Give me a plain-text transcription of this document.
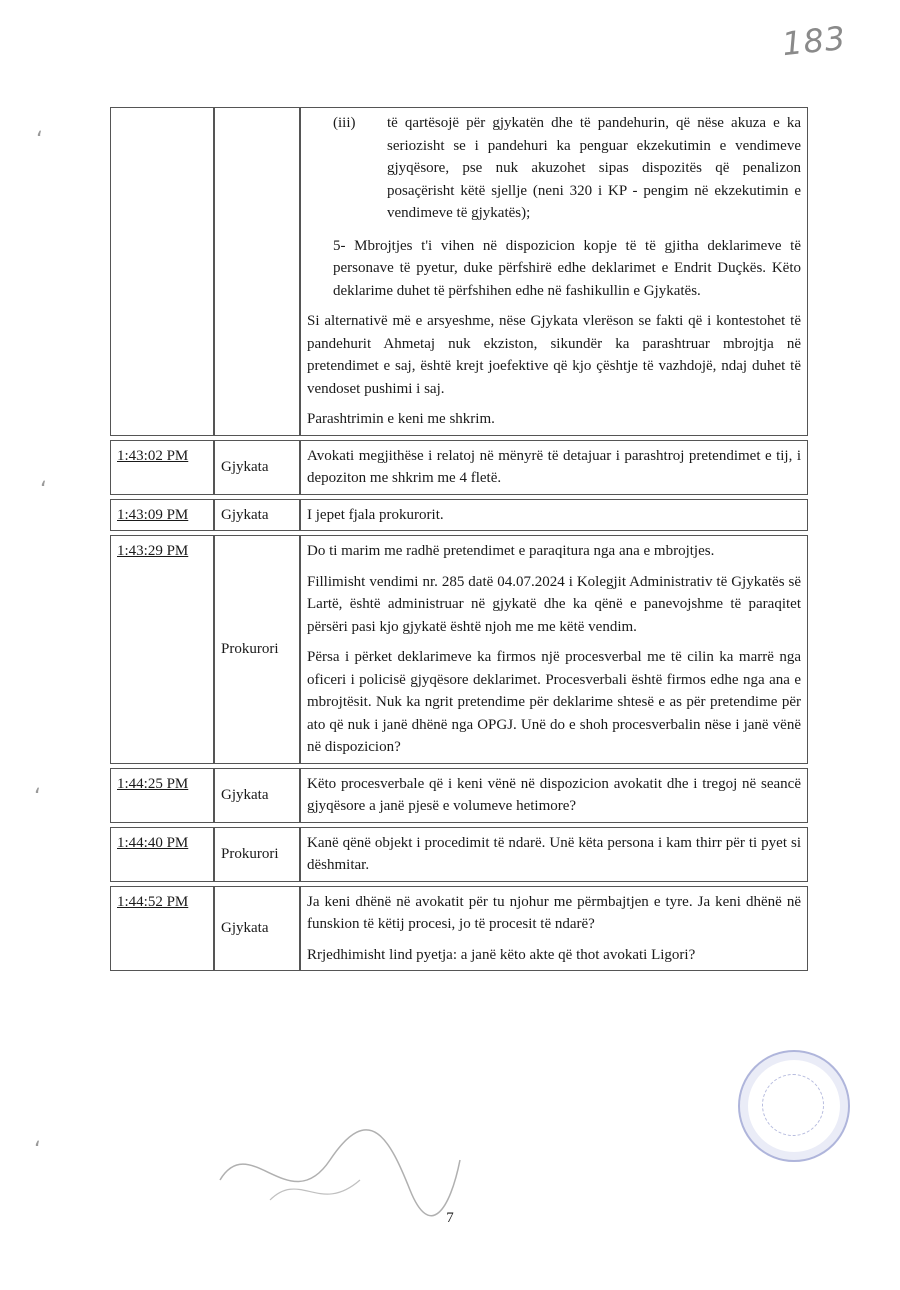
183
ʻ
ʻ
ʻ
ʻ

		(iii) të qartësojë për gjykatën dhe të pandehurin, që nëse akuza e ka seriozisht se i pandehuri ka penguar ekzekutimin e vendimeve gjyqësore, pse nuk akuzohet sipas dispozitës që penalizon posaçërisht këtë sjellje (neni 320 i KP - pengim në ekzekutimin e vendimeve të gjykatës);

5- Mbrojtjes t'i vihen në dispozicion kopje të të gjitha deklarimeve të personave të pyetur, duke përfshirë edhe deklarimet e Endrit Duçkës. Këto deklarime duhet të përfshihen edhe në fashikullin e Gjykatës.

Si alternativë më e arsyeshme, nëse Gjykata vlerëson se fakti që i kontestohet të pandehurit Ahmetaj nuk ekziston, sikundër ka parashtruar mbrojtja në pretendimet e saj, është krejt joefektive që kjo çështje të vazhdojë, ndaj duhet të vendoset pushimi i saj.

Parashtrimin e keni me shkrim.

1:43:02 PM	Gjykata	Avokati megjithëse i relatoj në mënyrë të detajuar i parashtroj pretendimet e tij, i depoziton me shkrim me 4 fletë.

1:43:09 PM	Gjykata	I jepet fjala prokurorit.

1:43:29 PM	Prokurori	Do ti marim me radhë pretendimet e paraqitura nga ana e mbrojtjes.

Fillimisht vendimi nr. 285 datë 04.07.2024 i Kolegjit Administrativ të Gjykatës së Lartë, është administruar në gjykatë dhe ka qënë e panevojshme të paraqitet përsëri pasi kjo gjykatë është njoh me me këtë vendim.

Përsa i përket deklarimeve ka firmos një procesverbal me të cilin ka marrë nga oficeri i policisë gjyqësore deklarimet. Procesverbali është firmos edhe nga ana e mbrojtësit. Nuk ka ngrit pretendime për deklarime shtesë e as për pretendime për ato që nuk i janë dhënë nga OPGJ. Unë do e shoh procesverbalin nëse i janë vënë në dispozicion?

1:44:25 PM	Gjykata	Këto procesverbale që i keni vënë në dispozicion avokatit dhe i tregoj në seancë gjyqësore a janë pjesë e volumeve hetimore?

1:44:40 PM	Prokurori	Kanë qënë objekt i procedimit të ndarë. Unë këta persona i kam thirr për ti pyet si dëshmitar.

1:44:52 PM	Gjykata	Ja keni dhënë në avokatit për tu njohur me përmbajtjen e tyre. Ja keni dhënë në funskion të këtij procesi, jo të procesit të ndarë?

Rrjedhimisht lind pyetja: a janë këto akte që thot avokati Ligori?

7
